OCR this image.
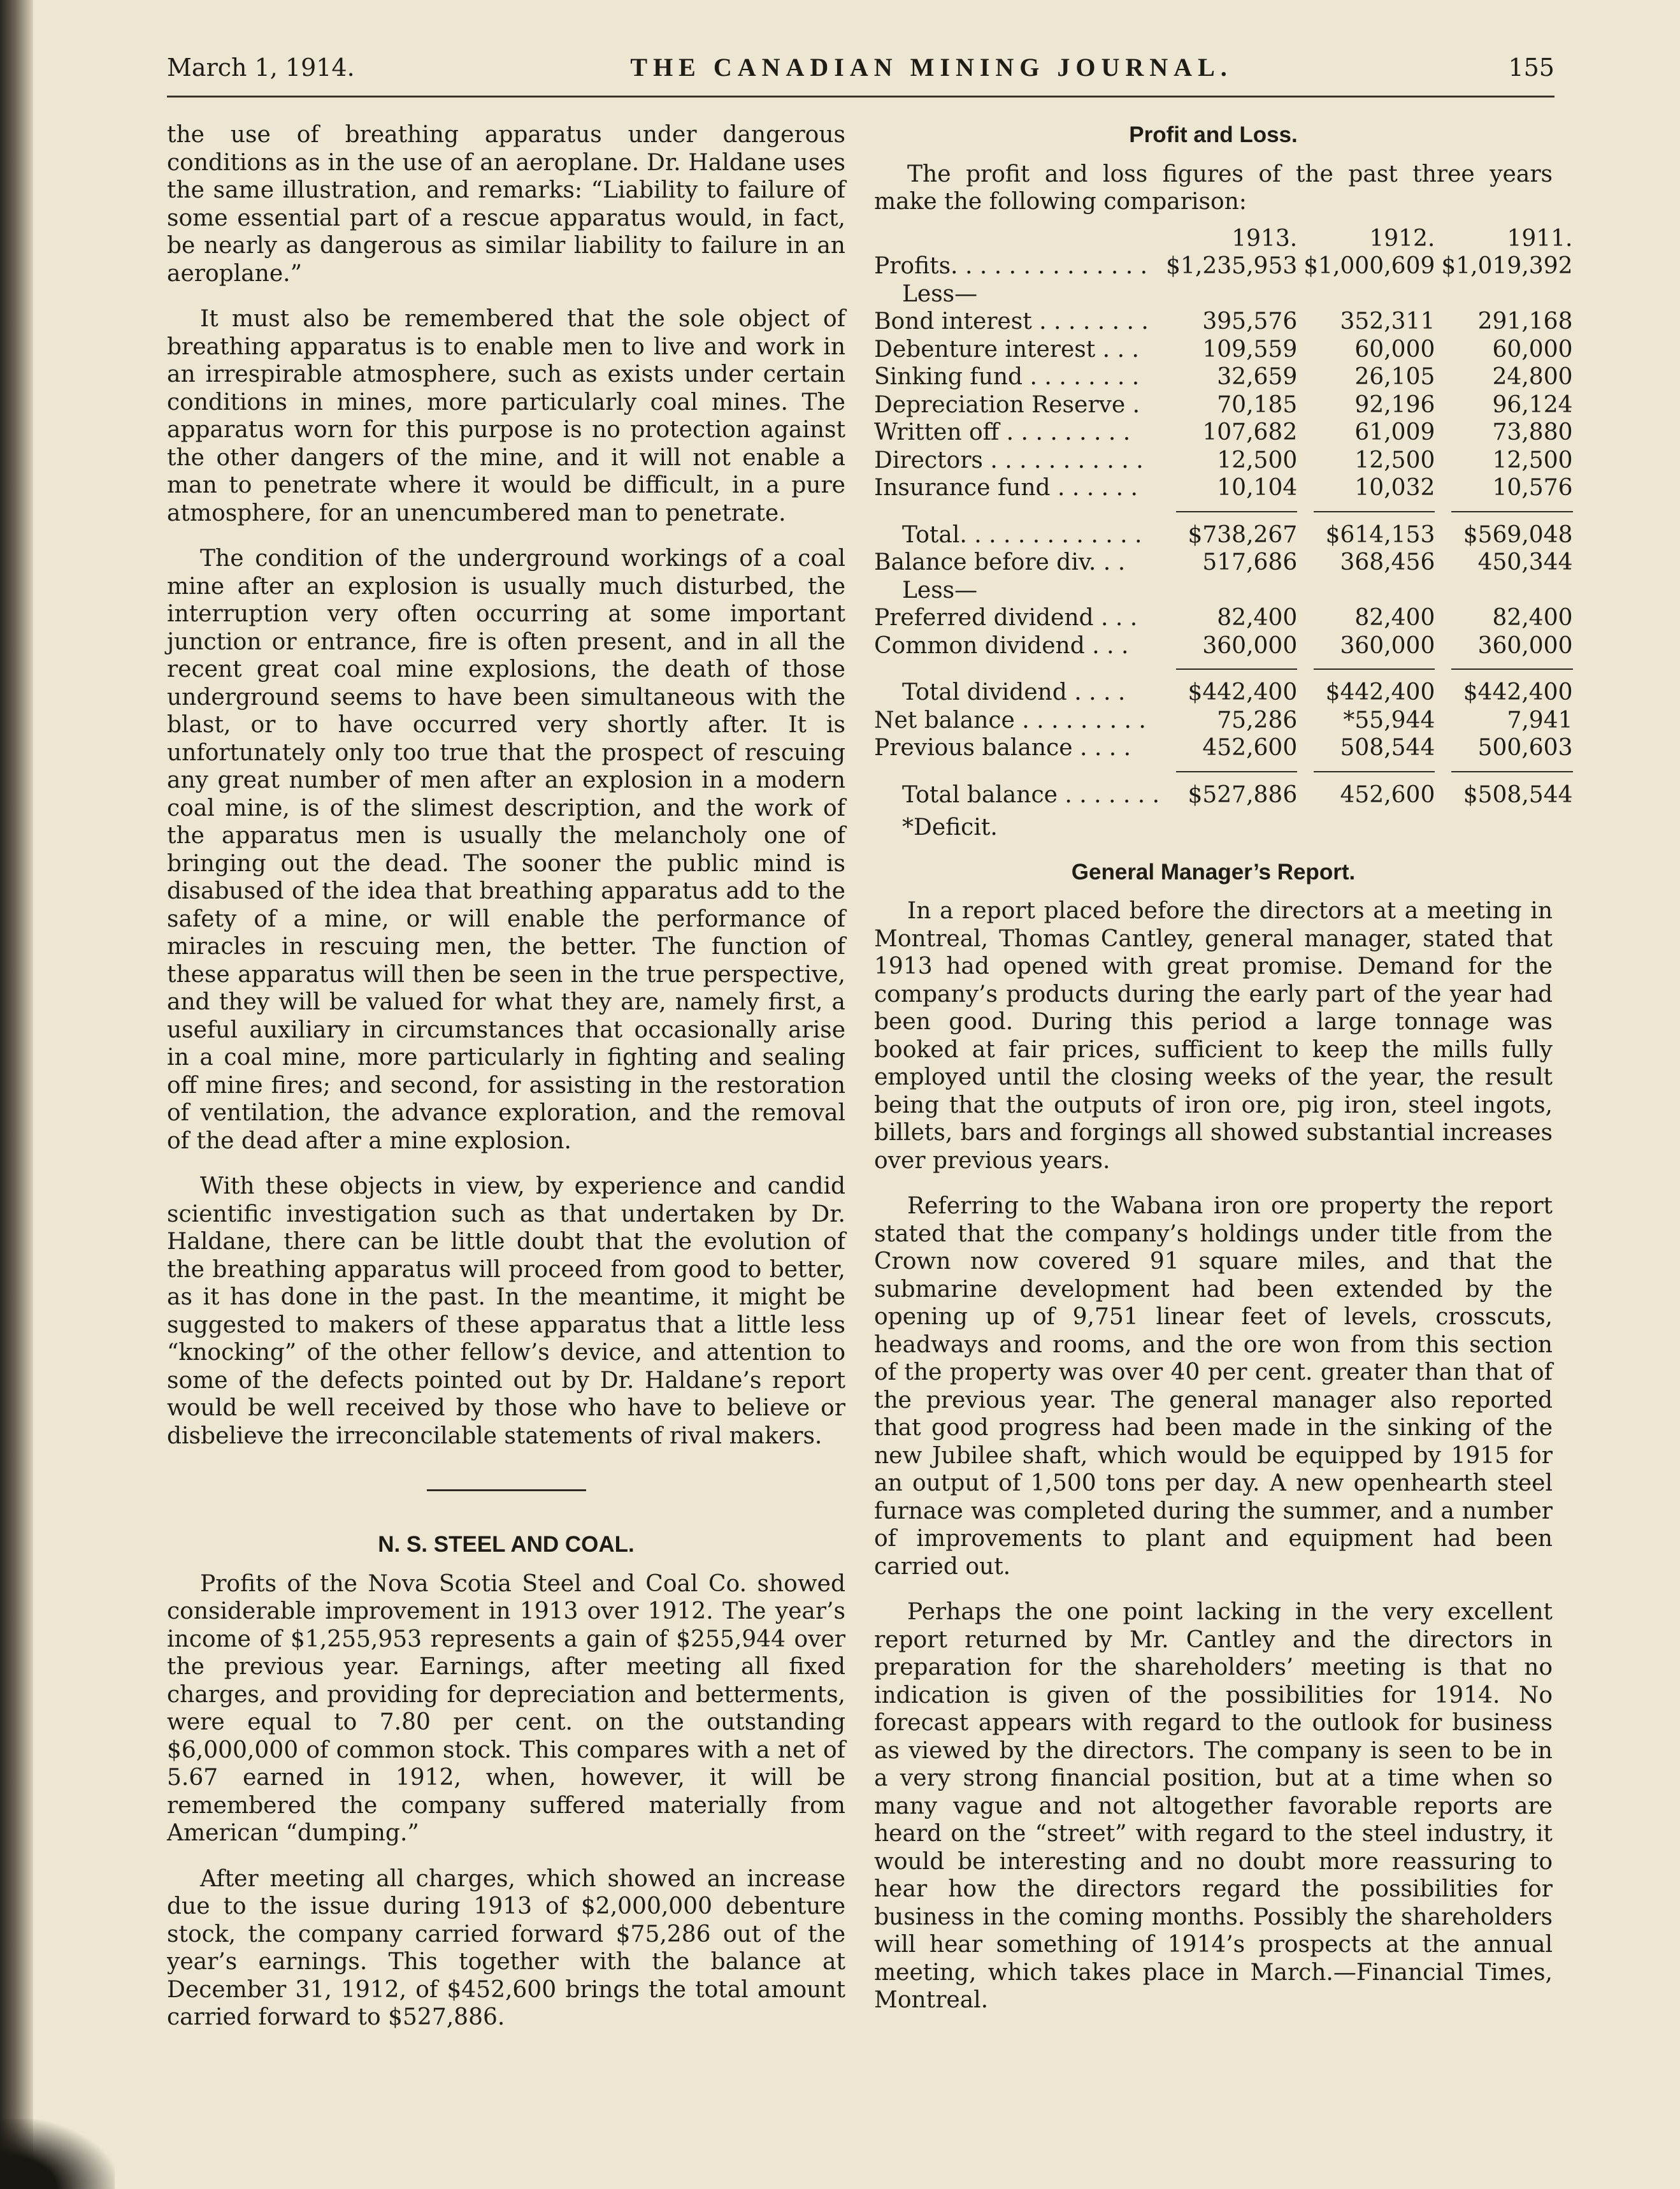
March 1, 1914.	THE CANADIAN MINING JOURNAL.	155

the use of breathing apparatus under dangerous conditions as in the use of an aeroplane. Dr. Haldane uses the same illustration, and remarks: “Liability to failure of some essential part of a rescue apparatus would, in fact, be nearly as dangerous as similar liability to failure in an aeroplane.”

It must also be remembered that the sole object of breathing apparatus is to enable men to live and work in an irrespirable atmosphere, such as exists under certain conditions in mines, more particularly coal mines. The apparatus worn for this purpose is no protection against the other dangers of the mine, and it will not enable a man to penetrate where it would be difficult, in a pure atmosphere, for an unencumbered man to penetrate.

The condition of the underground workings of a coal mine after an explosion is usually much disturbed, the interruption very often occurring at some important junction or entrance, fire is often present, and in all the recent great coal mine explosions, the death of those underground seems to have been simultaneous with the blast, or to have occurred very shortly after. It is unfortunately only too true that the prospect of rescuing any great number of men after an explosion in a modern coal mine, is of the slimest description, and the work of the apparatus men is usually the melancholy one of bringing out the dead. The sooner the public mind is disabused of the idea that breathing apparatus add to the safety of a mine, or will enable the performance of miracles in rescuing men, the better. The function of these apparatus will then be seen in the true perspective, and they will be valued for what they are, namely first, a useful auxiliary in circumstances that occasionally arise in a coal mine, more particularly in fighting and sealing off mine fires; and second, for assisting in the restoration of ventilation, the advance exploration, and the removal of the dead after a mine explosion.

With these objects in view, by experience and candid scientific investigation such as that undertaken by Dr. Haldane, there can be little doubt that the evolution of the breathing apparatus will proceed from good to better, as it has done in the past. In the meantime, it might be suggested to makers of these apparatus that a little less “knocking” of the other fellow’s device, and attention to some of the defects pointed out by Dr. Haldane’s report would be well received by those who have to believe or disbelieve the irreconcilable statements of rival makers.

N. S. STEEL AND COAL.

Profits of the Nova Scotia Steel and Coal Co. showed considerable improvement in 1913 over 1912. The year’s income of $1,255,953 represents a gain of $255,944 over the previous year. Earnings, after meeting all fixed charges, and providing for depreciation and betterments, were equal to 7.80 per cent. on the outstanding $6,000,000 of common stock. This compares with a net of 5.67 earned in 1912, when, however, it will be remembered the company suffered materially from American “dumping.”

After meeting all charges, which showed an increase due to the issue during 1913 of $2,000,000 debenture stock, the company carried forward $75,286 out of the year’s earnings. This together with the balance at December 31, 1912, of $452,600 brings the total amount carried forward to $527,886.

Profit and Loss.

The profit and loss figures of the past three years make the following comparison:

	1913.	1912.	1911.
Profits. . . . . . . . . . . . . .	$1,235,953	$1,000,609	$1,019,392
Less—			
Bond interest . . . . . . . .	395,576	352,311	291,168
Debenture interest . . .	109,559	60,000	60,000
Sinking fund . . . . . . . .	32,659	26,105	24,800
Depreciation Reserve .	70,185	92,196	96,124
Written off . . . . . . . . .	107,682	61,009	73,880
Directors . . . . . . . . . . .	12,500	12,500	12,500
Insurance fund . . . . . .	10,104	10,032	10,576

Total. . . . . . . . . . . . .	$738,267	$614,153	$569,048
Balance before div. . .	517,686	368,456	450,344
Less—			
Preferred dividend . . .	82,400	82,400	82,400
Common dividend . . .	360,000	360,000	360,000

Total dividend . . . .	$442,400	$442,400	$442,400
Net balance . . . . . . . . .	75,286	*55,944	7,941
Previous balance . . . .	452,600	508,544	500,603

Total balance . . . . . . .	$527,886	452,600	$508,544
*Deficit.
General Manager’s Report.

In a report placed before the directors at a meeting in Montreal, Thomas Cantley, general manager, stated that 1913 had opened with great promise. Demand for the company’s products during the early part of the year had been good. During this period a large tonnage was booked at fair prices, sufficient to keep the mills fully employed until the closing weeks of the year, the result being that the outputs of iron ore, pig iron, steel ingots, billets, bars and forgings all showed substantial increases over previous years.

Referring to the Wabana iron ore property the report stated that the company’s holdings under title from the Crown now covered 91 square miles, and that the submarine development had been extended by the opening up of 9,751 linear feet of levels, crosscuts, headways and rooms, and the ore won from this section of the property was over 40 per cent. greater than that of the previous year. The general manager also reported that good progress had been made in the sinking of the new Jubilee shaft, which would be equipped by 1915 for an output of 1,500 tons per day. A new openhearth steel furnace was completed during the summer, and a number of improvements to plant and equipment had been carried out.

Perhaps the one point lacking in the very excellent report returned by Mr. Cantley and the directors in preparation for the shareholders’ meeting is that no indication is given of the possibilities for 1914. No forecast appears with regard to the outlook for business as viewed by the directors. The company is seen to be in a very strong financial position, but at a time when so many vague and not altogether favorable reports are heard on the “street” with regard to the steel industry, it would be interesting and no doubt more reassuring to hear how the directors regard the possibilities for business in the coming months. Possibly the shareholders will hear something of 1914’s prospects at the annual meeting, which takes place in March.—Financial Times, Montreal.
